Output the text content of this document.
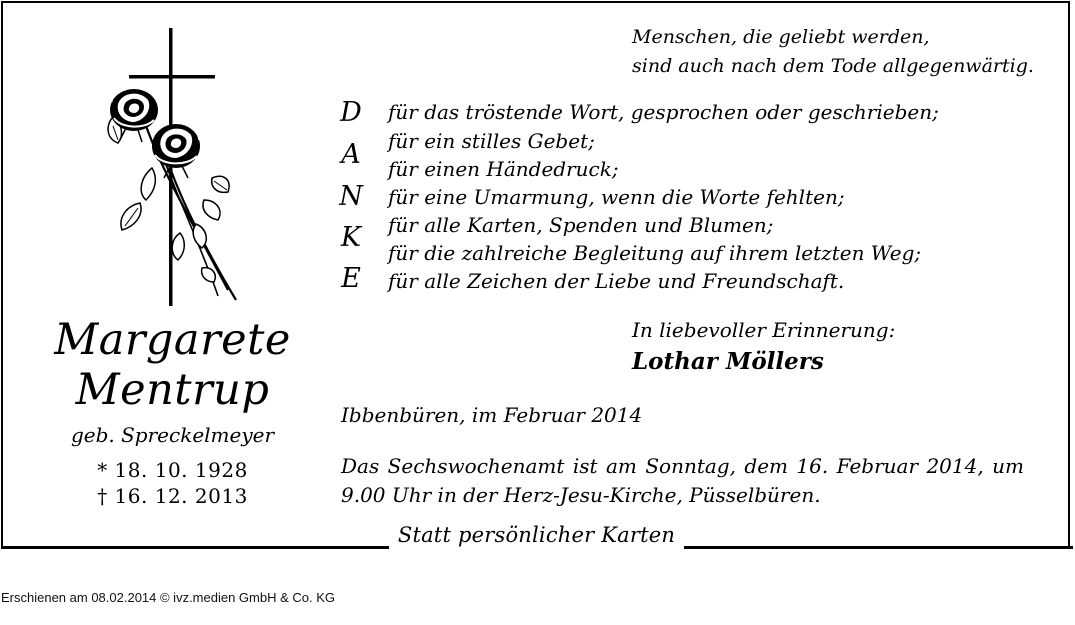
Statt persönlicher Karten
Margarete
Mentrup
geb. Spreckelmeyer
* 18. 10. 1928
† 16. 12. 2013
Menschen, die geliebt werden,
sind auch nach dem Tode allgegenwärtig.
D
A
N
K
E
für das tröstende Wort, gesprochen oder geschrieben;
für ein stilles Gebet;
für einen Händedruck;
für eine Umarmung, wenn die Worte fehlten;
für alle Karten, Spenden und Blumen;
für die zahlreiche Begleitung auf ihrem letzten Weg;
für alle Zeichen der Liebe und Freundschaft.
In liebevoller Erinnerung:
Lothar Möllers
Ibbenbüren, im Februar 2014
Das Sechswochenamt ist am Sonntag, dem 16. Februar 2014, um 9.00 Uhr in der Herz-Jesu-Kirche, Püsselbüren.
Erschienen am 08.02.2014 © ivz.medien GmbH & Co. KG
